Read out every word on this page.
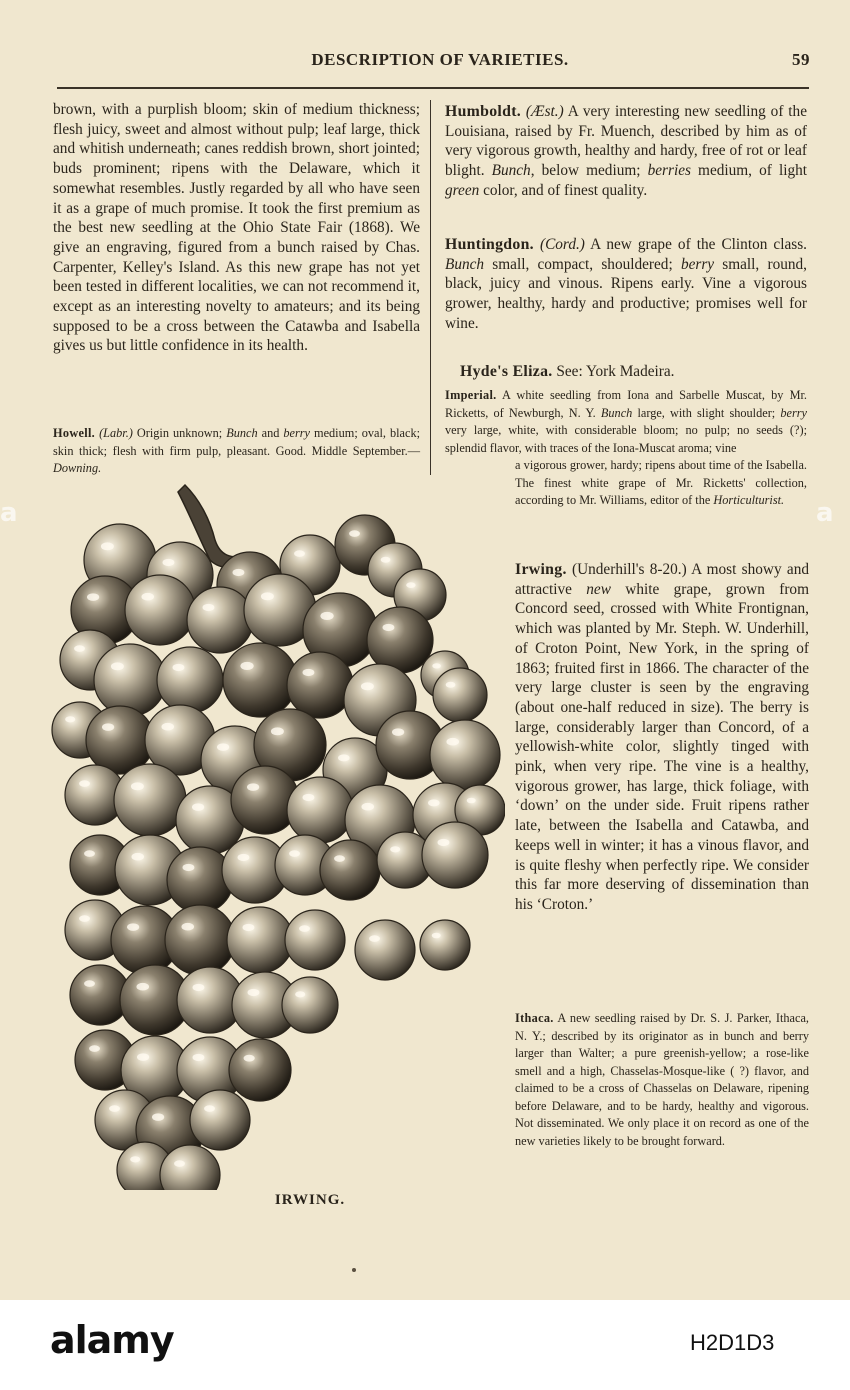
DESCRIPTION OF VARIETIES.	59
brown, with a purplish bloom; skin of medium thickness; flesh juicy, sweet and almost without pulp; leaf large, thick and whitish underneath; canes reddish brown, short jointed; buds prominent; ripens with the Delaware, which it somewhat resembles. Justly regarded by all who have seen it as a grape of much promise. It took the first premium as the best new seedling at the Ohio State Fair (1868). We give an engraving, figured from a bunch raised by Chas. Carpenter, Kelley's Island. As this new grape has not yet been tested in different localities, we can not recommend it, except as an interesting novelty to amateurs; and its being supposed to be a cross between the Catawba and Isabella gives us but little confidence in its health.
Howell. (Labr.) Origin unknown; Bunch and berry medium; oval, black; skin thick; flesh with firm pulp, pleasant. Good. Middle September.—Downing.
IRWING.
Humboldt. (Æst.) A very interesting new seedling of the Louisiana, raised by Fr. Muench, described by him as of very vigorous growth, healthy and hardy, free of rot or leaf blight. Bunch, below medium; berries medium, of light green color, and of finest quality.
Huntingdon. (Cord.) A new grape of the Clinton class. Bunch small, compact, shouldered; berry small, round, black, juicy and vinous. Ripens early. Vine a vigorous grower, healthy, hardy and productive; promises well for wine.
Hyde's Eliza. See: York Madeira.
Imperial. A white seedling from Iona and Sarbelle Muscat, by Mr. Ricketts, of Newburgh, N. Y. Bunch large, with slight shoulder; berry very large, white, with considerable bloom; no pulp; no seeds (?); splendid flavor, with traces of the Iona-Muscat aroma; vine
a vigorous grower, hardy; ripens about time of the Isabella. The finest white grape of Mr. Ricketts' collection, according to Mr. Williams, editor of the Horticulturist.
Irwing. (Underhill's 8-20.) A most showy and attractive new white grape, grown from Concord seed, crossed with White Frontignan, which was planted by Mr. Steph. W. Underhill, of Croton Point, New York, in the spring of 1863; fruited first in 1866. The character of the very large cluster is seen by the engraving (about one-half reduced in size). The berry is large, considerably larger than Concord, of a yellowish-white color, slightly tinged with pink, when very ripe. The vine is a healthy, vigorous grower, has large, thick foliage, with ‘down’ on the under side. Fruit ripens rather late, between the Isabella and Catawba, and keeps well in winter; it has a vinous flavor, and is quite fleshy when perfectly ripe. We consider this far more deserving of dissemination than his ‘Croton.’
Ithaca. A new seedling raised by Dr. S. J. Parker, Ithaca, N. Y.; described by its originator as in bunch and berry larger than Walter; a pure greenish-yellow; a rose-like smell and a high, Chasselas-Mosque-like ( ?) flavor, and claimed to be a cross of Chasselas on Delaware, ripening before Delaware, and to be hardy, healthy and vigorous. Not disseminated. We only place it on record as one of the new varieties likely to be brought forward.
a	a
alamy	H2D1D3
